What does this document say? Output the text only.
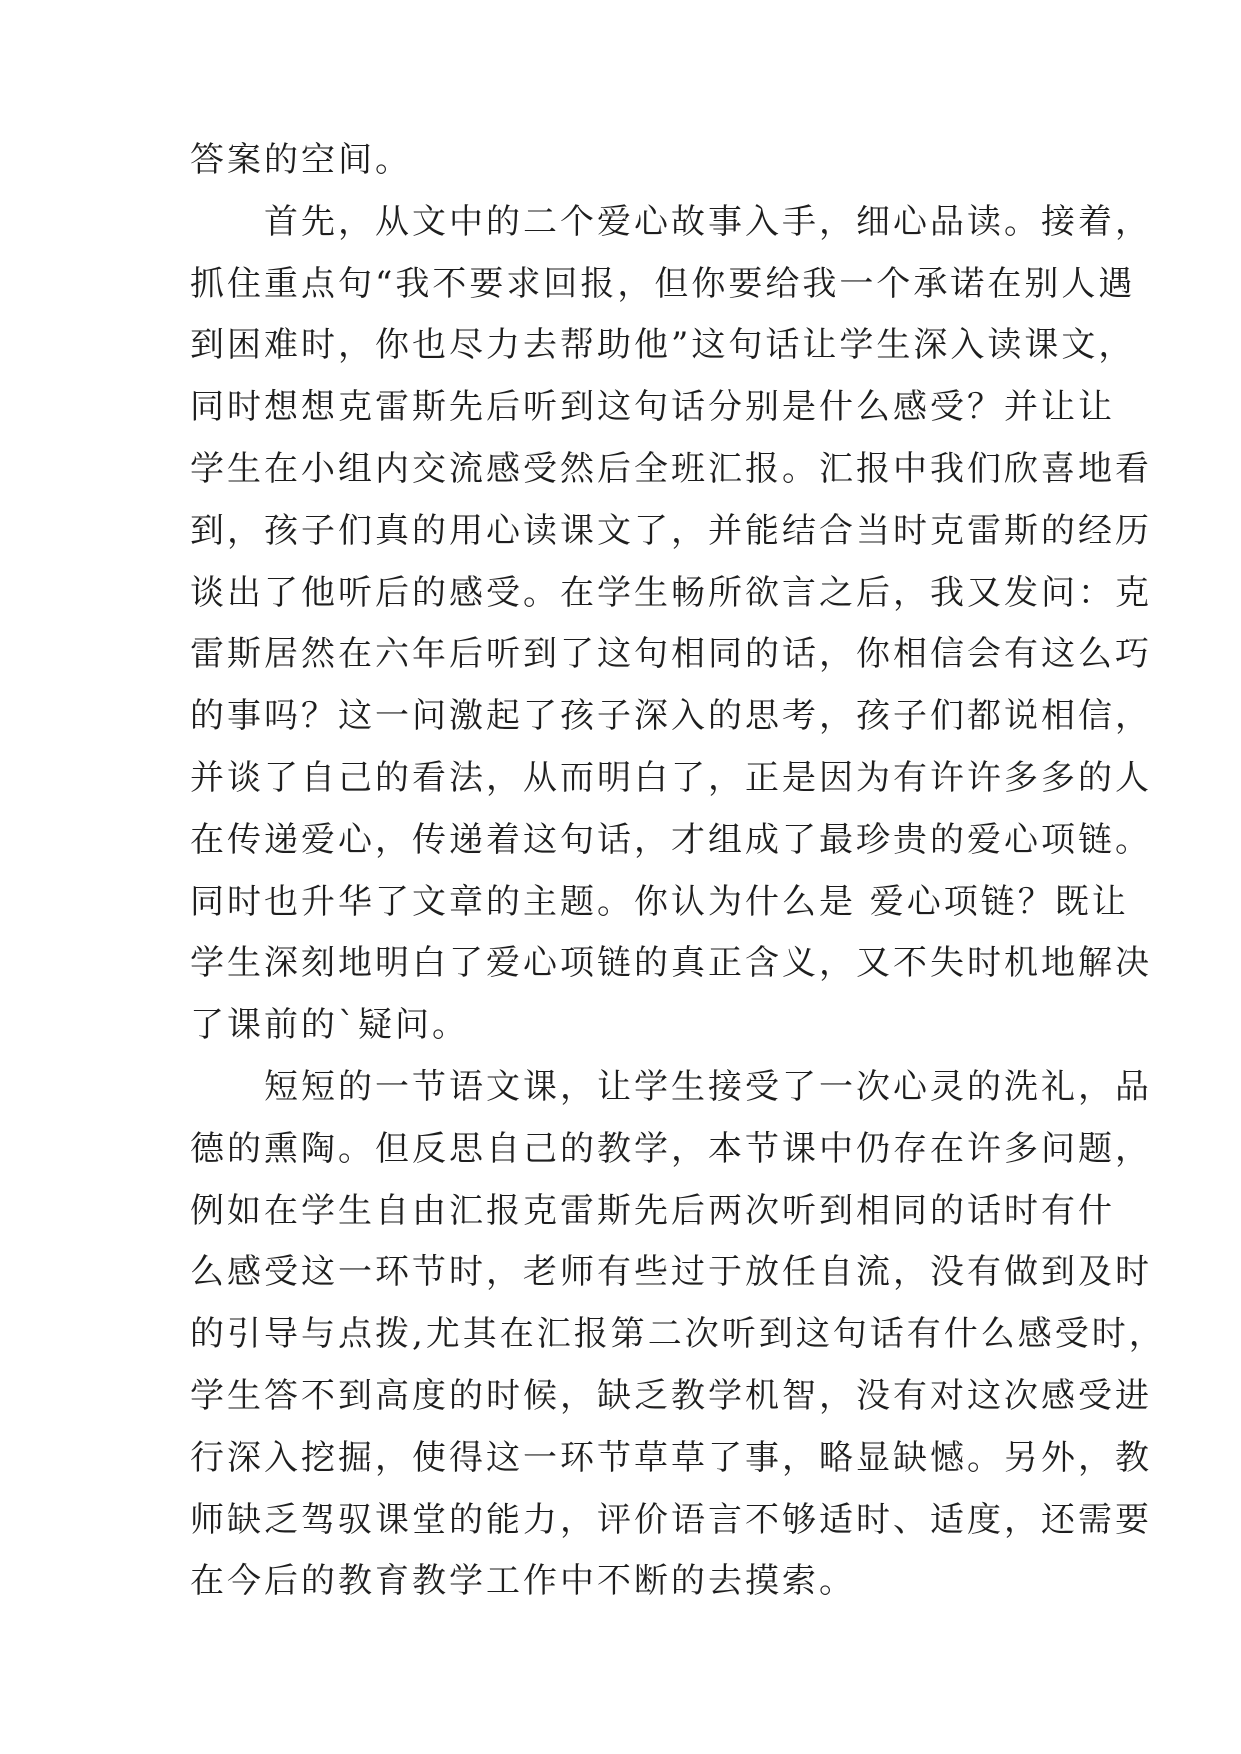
答案的空间。
　　首先，从文中的二个爱心故事入手，细心品读。接着，
抓住重点句“我不要求回报，但你要给我一个承诺在别人遇
到困难时，你也尽力去帮助他”这句话让学生深入读课文，
同时想想克雷斯先后听到这句话分别是什么感受？并让让
学生在小组内交流感受然后全班汇报。汇报中我们欣喜地看
到，孩子们真的用心读课文了，并能结合当时克雷斯的经历
谈出了他听后的感受。在学生畅所欲言之后，我又发问：克
雷斯居然在六年后听到了这句相同的话，你相信会有这么巧
的事吗？这一问激起了孩子深入的思考，孩子们都说相信，
并谈了自己的看法，从而明白了，正是因为有许许多多的人
在传递爱心，传递着这句话，才组成了最珍贵的爱心项链。
同时也升华了文章的主题。你认为什么是 爱心项链？既让
学生深刻地明白了爱心项链的真正含义，又不失时机地解决
了课前的`疑问。
　　短短的一节语文课，让学生接受了一次心灵的洗礼，品
德的熏陶。但反思自己的教学，本节课中仍存在许多问题，
例如在学生自由汇报克雷斯先后两次听到相同的话时有什
么感受这一环节时，老师有些过于放任自流，没有做到及时
的引导与点拨,尤其在汇报第二次听到这句话有什么感受时，
学生答不到高度的时候，缺乏教学机智，没有对这次感受进
行深入挖掘，使得这一环节草草了事，略显缺憾。另外，教
师缺乏驾驭课堂的能力，评价语言不够适时、适度，还需要
在今后的教育教学工作中不断的去摸索。
